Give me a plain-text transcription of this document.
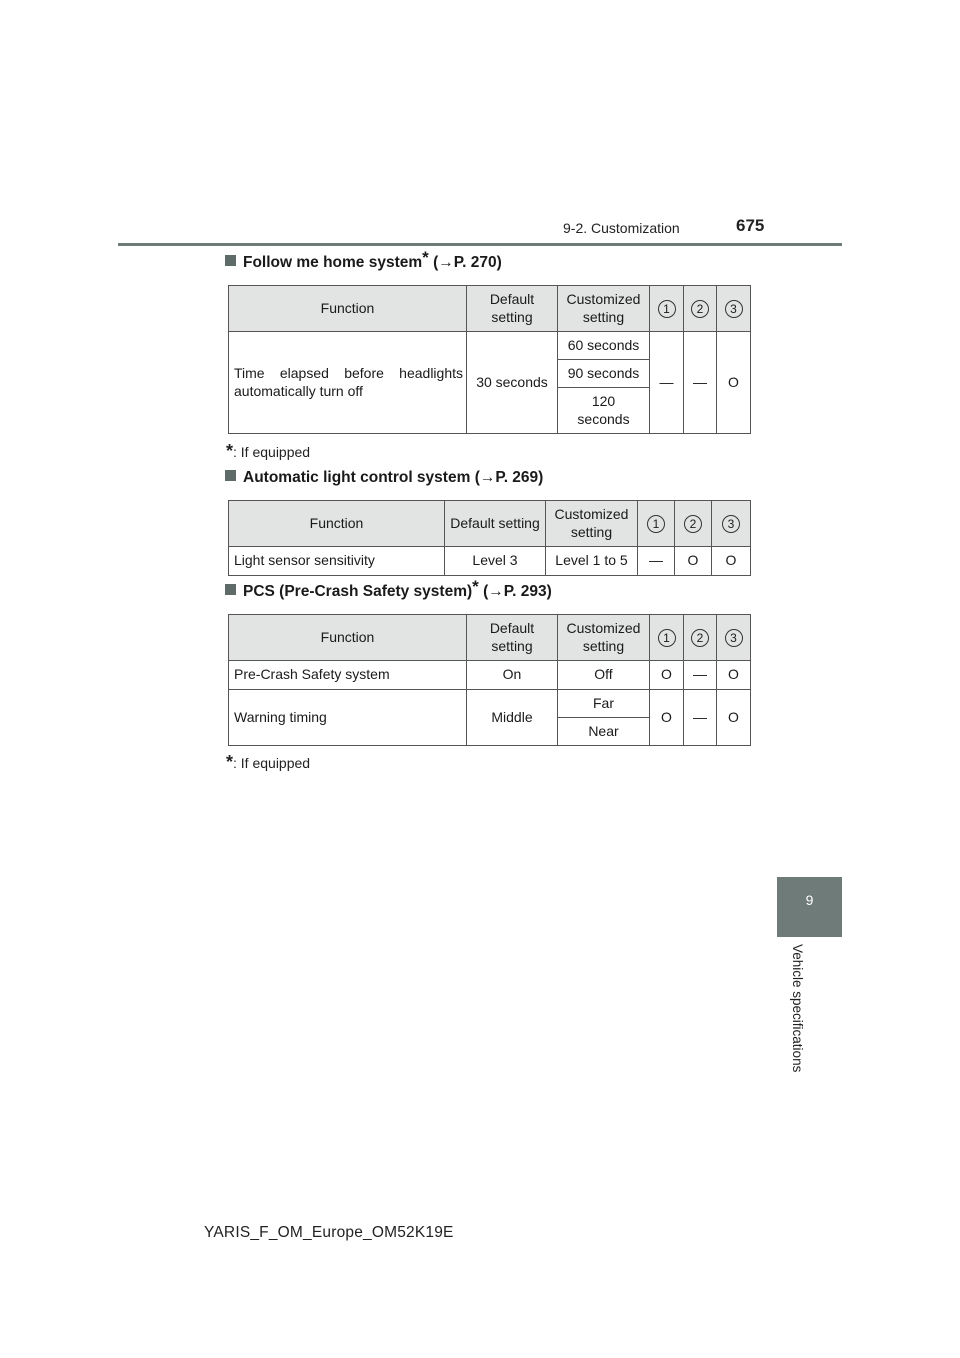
9-2. Customization	675
Follow me home system* (→P. 270)
Function	Default setting	Customized setting	1	2	3
Time elapsed before headlights automatically turn off	30 seconds	60 seconds	—	—	O
		90 seconds			
		120 seconds			
*: If equipped
Automatic light control system (→P. 269)
Function	Default setting	Customized setting	1	2	3
Light sensor sensitivity	Level 3	Level 1 to 5	—	O	O
PCS (Pre-Crash Safety system)* (→P. 293)
Function	Default setting	Customized setting	1	2	3
Pre-Crash Safety system	On	Off	O	—	O
Warning timing	Middle	Far	O	—	O
		Near			
*: If equipped
9
Vehicle specifications
YARIS_F_OM_Europe_OM52K19E
